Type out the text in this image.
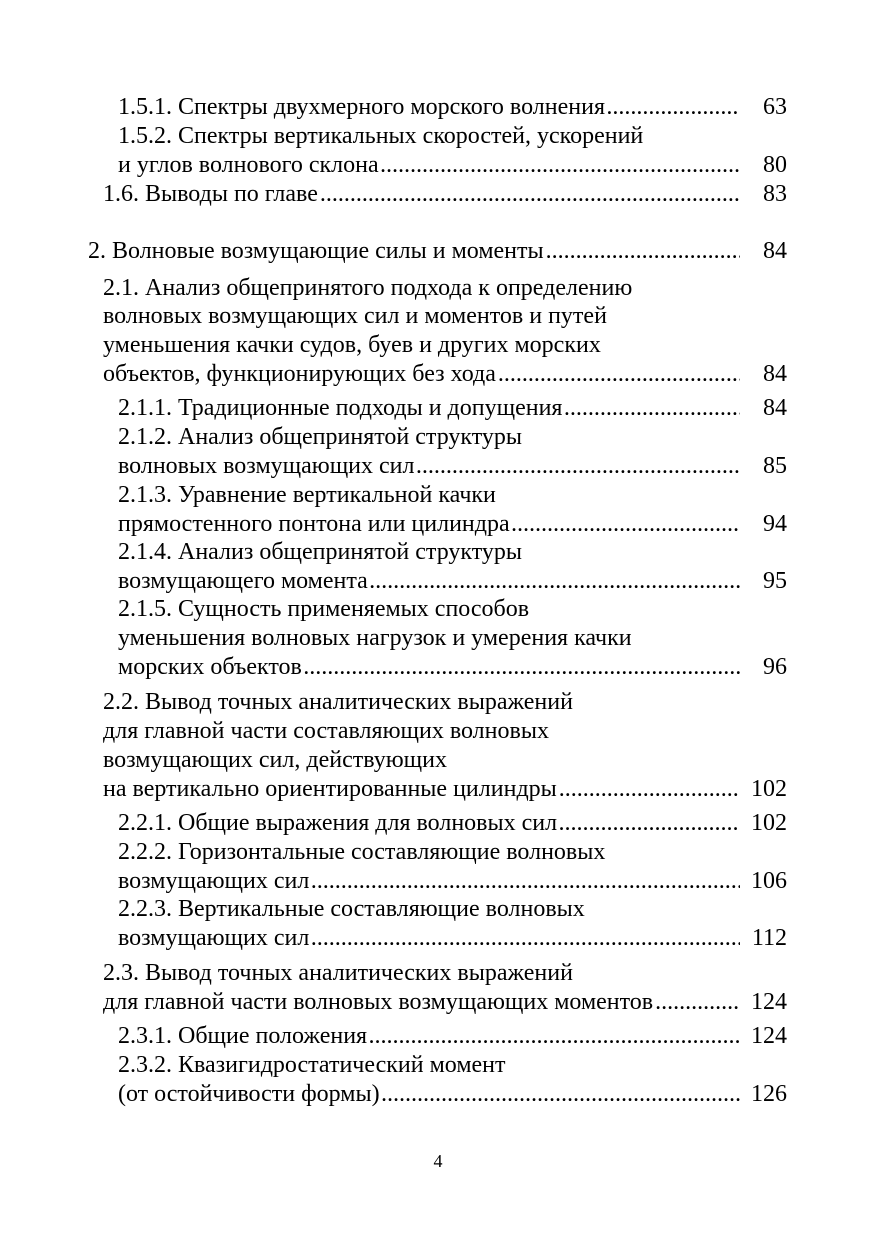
1.5.1. Спектры двухмерного морского волнения .....	63
1.5.2. Спектры вертикальных скоростей, ускорений
и углов волнового склона .....	80
1.6. Выводы по главе .....	83
2. Волновые возмущающие силы и моменты .....	84
2.1. Анализ общепринятого подхода к определению
волновых возмущающих сил и моментов и путей
уменьшения качки судов, буев и других морских
объектов, функционирующих без хода .....	84
2.1.1. Традиционные подходы и допущения .....	84
2.1.2. Анализ общепринятой структуры
волновых возмущающих сил .....	85
2.1.3. Уравнение вертикальной качки
прямостенного понтона или цилиндра .....	94
2.1.4. Анализ общепринятой структуры
возмущающего момента .....	95
2.1.5. Сущность применяемых способов
уменьшения волновых нагрузок и умерения качки
морских объектов .....	96
2.2. Вывод точных аналитических выражений
для главной части составляющих волновых
возмущающих сил, действующих
на вертикально ориентированные цилиндры .....	102
2.2.1. Общие выражения для волновых сил .....	102
2.2.2. Горизонтальные составляющие волновых
возмущающих сил .....	106
2.2.3. Вертикальные составляющие волновых
возмущающих сил .....	112
2.3. Вывод точных аналитических выражений
для главной части волновых возмущающих моментов .....	124
2.3.1. Общие положения .....	124
2.3.2. Квазигидростатический момент
(от остойчивости формы) .....	126
4
